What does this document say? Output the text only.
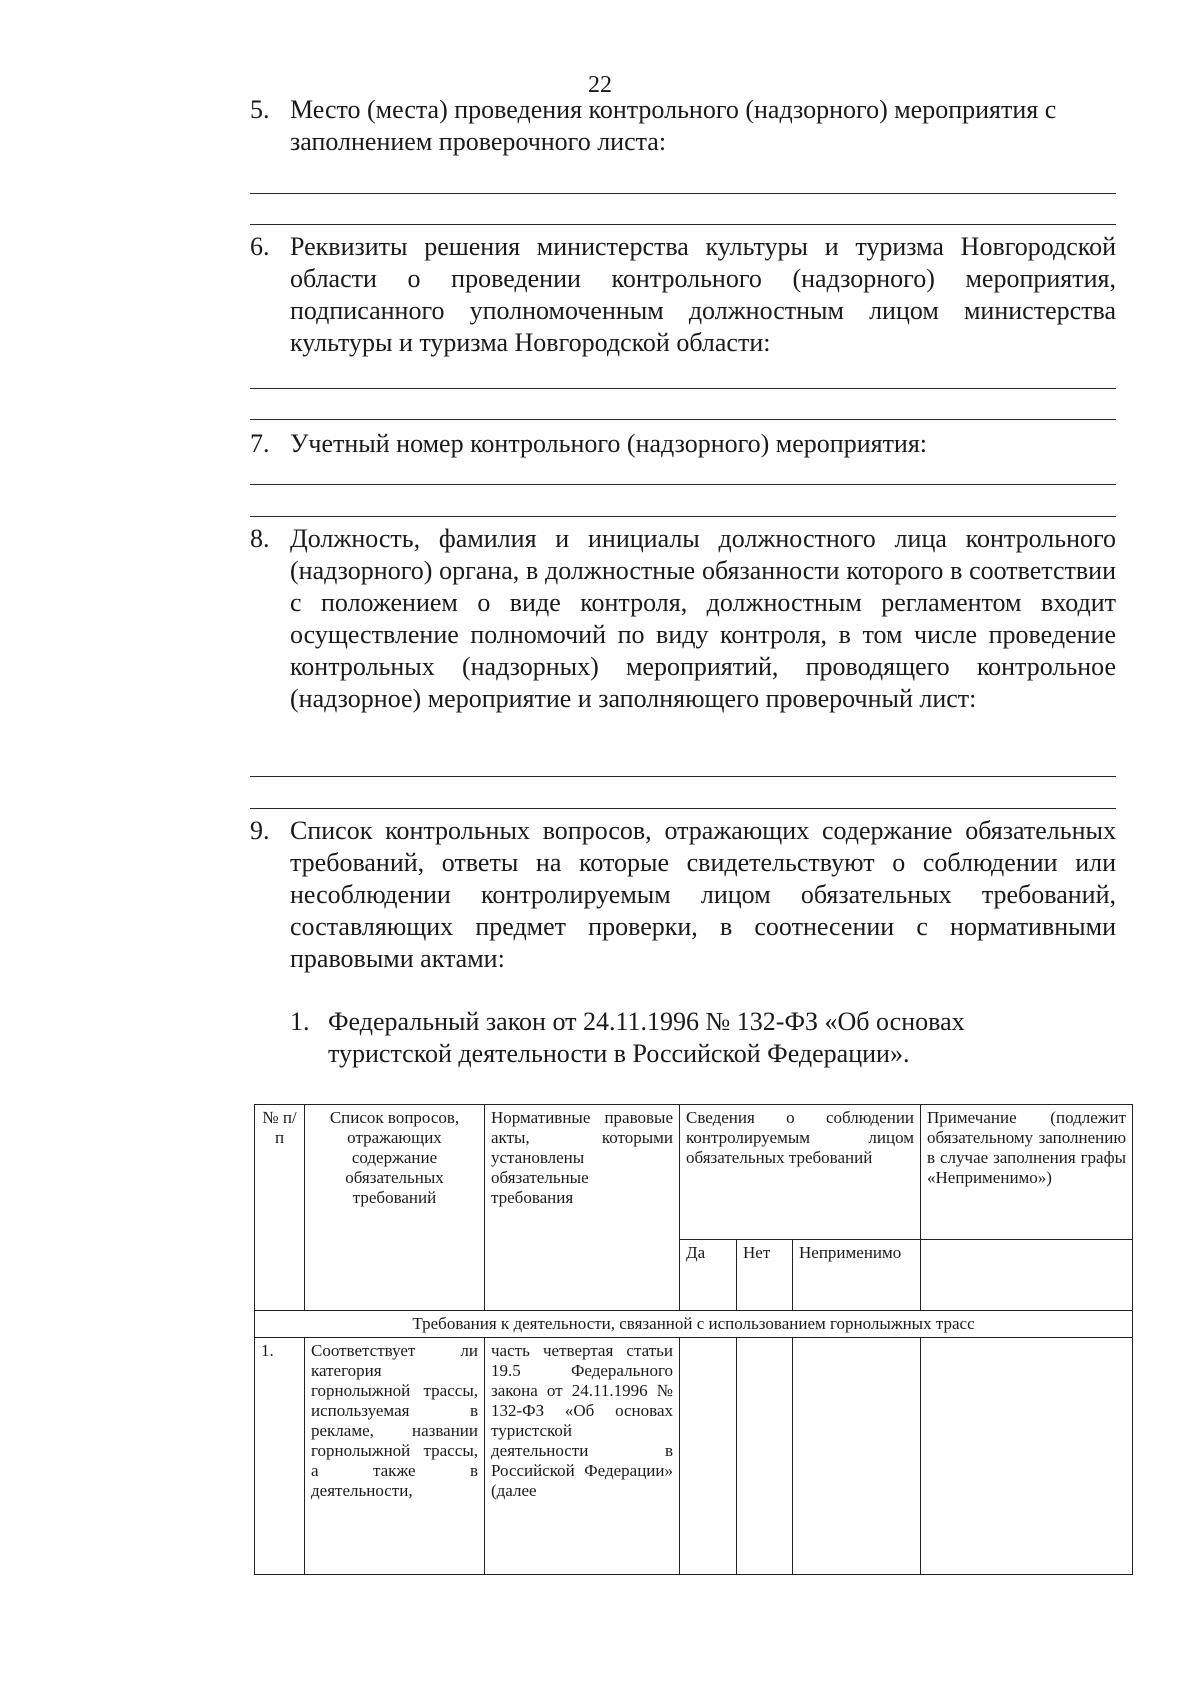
22
5. Место (места) проведения контрольного (надзорного) мероприятия с заполнением проверочного листа:
6. Реквизиты решения министерства культуры и туризма Новгородской области о проведении контрольного (надзорного) мероприятия, подписанного уполномоченным должностным лицом министерства культуры и туризма Новгородской области:
7. Учетный номер контрольного (надзорного) мероприятия:
8. Должность, фамилия и инициалы должностного лица контрольного (надзорного) органа, в должностные обязанности которого в соответствии с положением о виде контроля, должностным регламентом входит осуществление полномочий по виду контроля, в том числе проведение контрольных (надзорных) мероприятий, проводящего контрольное (надзорное) мероприятие и заполняющего проверочный лист:
9. Список контрольных вопросов, отражающих содержание обязательных требований, ответы на которые свидетельствуют о соблюдении или несоблюдении контролируемым лицом обязательных требований, составляющих предмет проверки, в соотнесении с нормативными правовыми актами:
1. Федеральный закон от 24.11.1996 № 132-ФЗ «Об основах туристской деятельности в Российской Федерации».
№ п/п	Список вопросов, отражающих содержание обязательных требований	Нормативные правовые акты, которыми установлены обязательные требования	Сведения о соблюдении контролируемым лицом обязательных требований			Примечание (подлежит обязательному заполнению в случае заполнения графы «Неприменимо»)
			Да	Нет	Неприменимо	
Требования к деятельности, связанной с использованием горнолыжных трасс						
1.	Соответствует ли категория горнолыжной трассы, используемая в рекламе, названии горнолыжной трассы, а также в деятельности,	часть четвертая статьи 19.5 Федерального закона от 24.11.1996 № 132-ФЗ «Об основах туристской деятельности в Российской Федерации» (далее				
